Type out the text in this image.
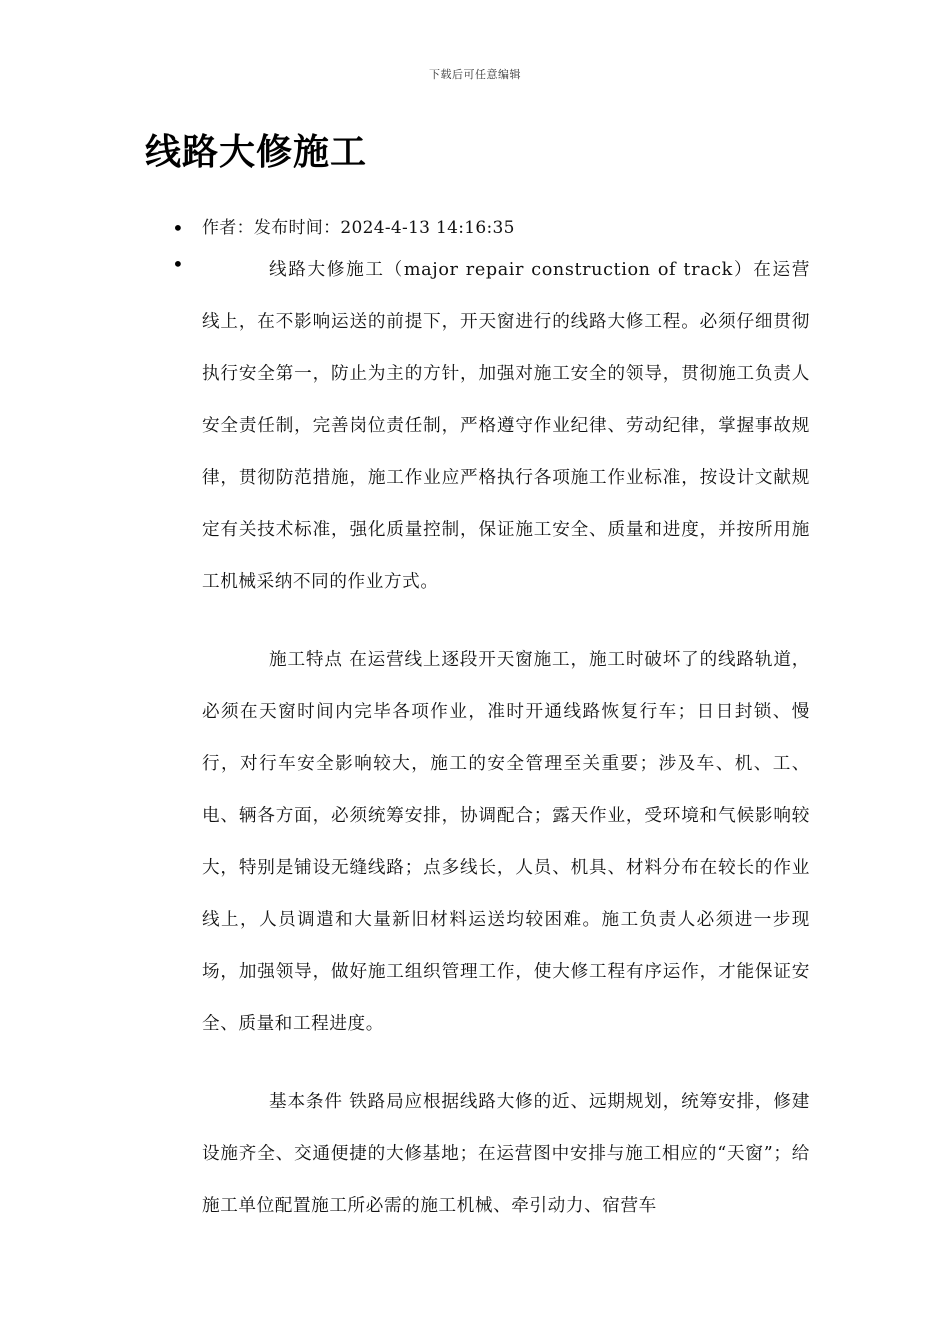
下载后可任意编辑
线路大修施工
• 作者：发布时间：2024-4-13 14:16:35
•	线路大修施工（major repair construction of track）在运营线上，在不影响运送的前提下，开天窗进行的线路大修工程。必须仔细贯彻执行安全第一，防止为主的方针，加强对施工安全的领导，贯彻施工负责人安全责任制，完善岗位责任制，严格遵守作业纪律、劳动纪律，掌握事故规律，贯彻防范措施，施工作业应严格执行各项施工作业标准，按设计文献规定有关技术标准，强化质量控制，保证施工安全、质量和进度，并按所用施工机械采纳不同的作业方式。

施工特点 在运营线上逐段开天窗施工，施工时破坏了的线路轨道，必须在天窗时间内完毕各项作业，准时开通线路恢复行车；日日封锁、慢行，对行车安全影响较大，施工的安全管理至关重要；涉及车、机、工、电、辆各方面，必须统筹安排，协调配合；露天作业，受环境和气候影响较大，特别是铺设无缝线路；点多线长，人员、机具、材料分布在较长的作业线上，人员调遣和大量新旧材料运送均较困难。施工负责人必须进一步现场，加强领导，做好施工组织管理工作，使大修工程有序运作，才能保证安全、质量和工程进度。

基本条件 铁路局应根据线路大修的近、远期规划，统筹安排，修建设施齐全、交通便捷的大修基地；在运营图中安排与施工相应的“天窗”；给施工单位配置施工所必需的施工机械、牵引动力、宿营车
